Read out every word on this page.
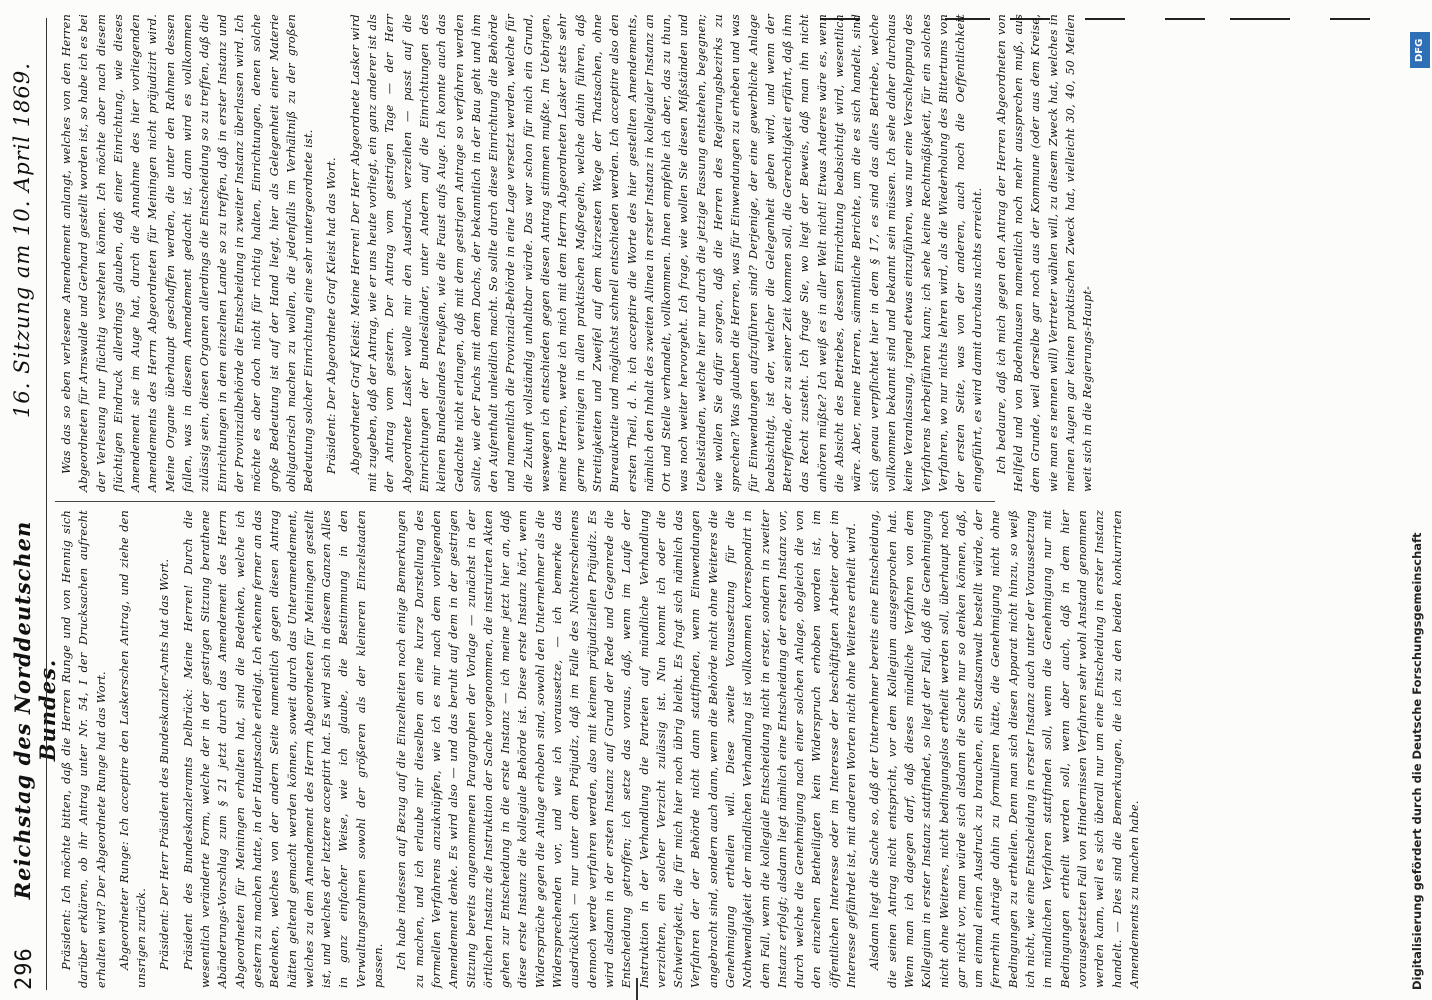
296
Reichstag des Norddeutschen Bundes.
16. Sitzung am 10. April 1869.

Präsident: Ich möchte bitten, daß die Herren Runge und von Hennig sich darüber erklären, ob ihr Antrag unter Nr. 54, I der Drucksachen aufrecht erhalten wird? Der Abgeordnete Runge hat das Wort. Abgeordneter Runge: Ich acceptire den Laskerschen Antrag, und ziehe den unsrigen zurück. Präsident: Der Herr Präsident des Bundeskanzler-Amts hat das Wort. Präsident des Bundeskanzleramts Delbrück: Meine Herren! Durch die wesentlich veränderte Form, welche der in der gestrigen Sitzung berathene Abänderungs-Vorschlag zum § 21 jetzt durch das Amendement des Herrn Abgeordneten für Meiningen erhalten hat, sind die Bedenken, welche ich gestern zu machen hatte, in der Hauptsache erledigt. Ich erkenne ferner an das Bedenken, welches von der andern Seite namentlich gegen diesen Antrag hätten geltend gemacht werden können, soweit durch das Unteramendement, welches zu dem Amendement des Herrn Abgeordneten für Meiningen gestellt ist, und welches der letztere acceptirt hat. Es wird sich in diesem Ganzen Alles in ganz einfacher Weise, wie ich glaube, die Bestimmung in den Verwaltungsrahmen sowohl der größeren als der kleineren Einzelstaaten passen. Ich habe indessen auf Bezug auf die Einzelheiten noch einige Bemerkungen zu machen, und ich erlaube mir dieselben an eine kurze Darstellung des formellen Verfahrens anzuknüpfen, wie ich es mir nach dem vorliegenden Amendement denke. Es wird also — und das beruht auf dem in der gestrigen Sitzung bereits angenommenen Paragraphen der Vorlage — zunächst in der örtlichen Instanz die Instruktion der Sache vorgenommen, die instruirten Akten gehen zur Entscheidung in die erste Instanz — ich meine jetzt hier an, daß diese erste Instanz die kollegiale Behörde ist. Diese erste Instanz hört, wenn Widersprüche gegen die Anlage erhoben sind, sowohl den Unternehmer als die Widersprechenden vor, und wie ich voraussetze, — ich bemerke das ausdrücklich — nur unter dem Präjudiz, daß im Falle des Nichterscheinens dennoch werde verfahren werden, also mit keinem präjudiziellen Präjudiz. Es wird alsdann in der ersten Instanz auf Grund der Rede und Gegenrede die Entscheidung getroffen; ich setze das voraus, daß, wenn im Laufe der Instruktion in der Verhandlung die Parteien auf mündliche Verhandlung verzichten, ein solcher Verzicht zulässig ist. Nun kommt ich oder die Schwierigkeit, die für mich hier noch übrig bleibt. Es fragt sich nämlich das Verfahren der der Behörde nicht dann stattfinden, wenn Einwendungen angebracht sind, sondern auch dann, wenn die Behörde nicht ohne Weiteres die Genehmigung ertheilen will. Diese zweite Voraussetzung für die Nothwendigkeit der mündlichen Verhandlung ist vollkommen korrespondirt in dem Fall, wenn die kollegiale Entscheidung nicht in erster, sondern in zweiter Instanz erfolgt; alsdann liegt nämlich eine Entscheidung der ersten Instanz vor, durch welche die Genehmigung nach einer solchen Anlage, obgleich die von den einzelnen Betheiligten kein Widerspruch erhoben worden ist, im öffentlichen Interesse oder im Interesse der beschäftigten Arbeiter oder im Interesse gefährdet ist, mit anderen Worten nicht ohne Weiteres ertheilt wird. Alsdann liegt die Sache so, daß der Unternehmer bereits eine Entscheidung, die seinen Antrag nicht entspricht, vor dem Kollegium ausgesprochen hat. Wenn man ich dagegen darf, daß dieses mündliche Verfahren von dem Kollegium in erster Instanz stattfindet, so liegt der Fall, daß die Genehmigung nicht ohne Weiteres, nicht bedingungslos ertheilt werden soll, überhaupt noch gar nicht vor, man würde sich alsdann die Sache nur so denken können, daß, um einmal einen Ausdruck zu brauchen, ein Staatsanwalt bestellt würde, der fernerhin Anträge dahin zu formuliren hätte, die Genehmigung nicht ohne Bedingungen zu ertheilen. Denn man sich diesen Apparat nicht hinzu, so weiß ich nicht, wie eine Entscheidung in erster Instanz auch unter der Voraussetzung in mündlichen Verfahren stattfinden soll, wenn die Genehmigung nur mit Bedingungen ertheilt werden soll, wenn aber auch, daß in dem hier vorausgesetzten Fall von Hindernissen Verfahren sehr wohl Anstand genommen werden kann, weil es sich überall nur um eine Entscheidung in erster Instanz handelt. — Dies sind die Bemerkungen, die ich zu den beiden konkurrirten Amendements zu machen habe.

Was das so eben verlesene Amendement anlangt, welches von den Herren Abgeordneten für Arnswalde und Gerhard gestellt worden ist, so habe ich es bei der Verlesung nur flüchtig verstehen können. Ich möchte aber nach diesem flüchtigen Eindruck allerdings glauben, daß einer Einrichtung, wie dieses Amendement sie im Auge hat, durch die Annahme des hier vorliegenden Amendements des Herrn Abgeordneten für Meiningen nicht präjudizirt wird. Meine Organe überhaupt geschaffen werden, die unter den Rahmen dessen fallen, was in diesem Amendement gedacht ist, dann wird es vollkommen zulässig sein, diesen Organen allerdings die Entscheidung so zu treffen, daß die Einrichtungen in dem einzelnen Lande so zu treffen, daß in erster Instanz und der Provinzialbehörde die Entscheidung in zweiter Instanz überlassen wird. Ich möchte es aber doch nicht für richtig halten, Einrichtungen, denen solche große Bedeutung ist auf der Hand liegt, hier als Gelegenheit einer Materie obligatorisch machen zu wollen, die jedenfalls im Verhältniß zu der großen Bedeutung solcher Einrichtung eine sehr untergeordnete ist. Präsident: Der Abgeordnete Graf Kleist hat das Wort. Abgeordneter Graf Kleist: Meine Herren! Der Herr Abgeordnete Lasker wird mit zugeben, daß der Antrag, wie er uns heute vorliegt, ein ganz anderer ist als der Antrag vom gestern. Der Antrag vom gestrigen Tage — der Herr Abgeordnete Lasker wolle mir den Ausdruck verzeihen — passt auf die Einrichtungen der Bundesländer, unter Andern auf die Einrichtungen des kleinen Bundeslandes Preußen, wie die Faust aufs Auge. Ich konnte auch das Gedachte nicht erlangen, daß mit dem gestrigen Antrage so verfahren werden sollte, wie der Fuchs mit dem Dachs, der bekanntlich in der Bau geht und ihm den Aufenthalt unleidlich macht. So sollte durch diese Einrichtung die Behörde und namentlich die Provinzial-Behörde in eine Lage versetzt werden, welche für die Zukunft vollständig unhaltbar würde. Das war schon für mich ein Grund, weswegen ich entschieden gegen diesen Antrag stimmen mußte. Im Uebrigen, meine Herren, werde ich mich mit dem Herrn Abgeordneten Lasker stets sehr gerne vereinigen in allen praktischen Maßregeln, welche dahin führen, daß Streitigkeiten und Zweifel auf dem kürzesten Wege der Thatsachen, ohne Bureaukratie und möglichst schnell entschieden werden. Ich acceptire also den ersten Theil, d. h. ich acceptire die Worte des hier gestellten Amendements, nämlich den Inhalt des zweiten Alinea in erster Instanz in kollegialer Instanz an Ort und Stelle verhandelt, vollkommen. Ihnen empfehle ich aber, das zu thun, was noch weiter hervorgeht. Ich frage, wie wollen Sie diesen Mißständen und Uebelständen, welche hier nur durch die jetzige Fassung entstehen, begegnen; wie wollen Sie dafür sorgen, daß die Herren des Regierungsbezirks zu sprechen? Was glauben die Herren, was für Einwendungen zu erheben und was für Einwendungen aufzuführen sind? Derjenige, der eine gewerbliche Anlage beabsichtigt, ist der, welcher die Gelegenheit geben wird, und wenn der Betreffende, der zu seiner Zeit kommen soll, die Gerechtigkeit erfährt, daß ihm das Recht zusteht. Ich frage Sie, wo liegt der Beweis, daß man ihn nicht anhören müßte? Ich weiß es in aller Welt nicht! Etwas Anderes wäre es, wenn die Absicht des Betriebes, dessen Einrichtung beabsichtigt wird, wesentlich wäre. Aber, meine Herren, sämmtliche Berichte, um die es sich handelt, sind sich genau verpflichtet hier in dem § 17, es sind das alles Betriebe, welche vollkommen bekannt sind und bekannt sein müssen. Ich sehe daher durchaus keine Veranlassung, irgend etwas einzuführen, was nur eine Verschleppung des Verfahrens herbeiführen kann; ich sehe keine Rechtmäßigkeit, für ein solches Verfahren, wo nur nichts lehren wird, als die Wiederholung des Bittertums von der ersten Seite, was von der anderen, auch noch die Oeffentlichkeit eingeführt, es wird damit durchaus nichts erreicht. Ich bedaure, daß ich mich gegen den Antrag der Herren Abgeordneten von Hellfeld und von Bodenhausen namentlich noch mehr aussprechen muß, aus dem Grunde, weil derselbe gar noch aus der Kommune (oder aus dem Kreise, wie man es nennen will) Vertreter wählen will, zu diesem Zweck hat, welches in meinen Augen gar keinen praktischen Zweck hat, vielleicht 30, 40, 50 Meilen weit sich in die Regierungs-Haupt-

DFG
Digitalisierung gefördert durch die Deutsche Forschungsgemeinschaft
